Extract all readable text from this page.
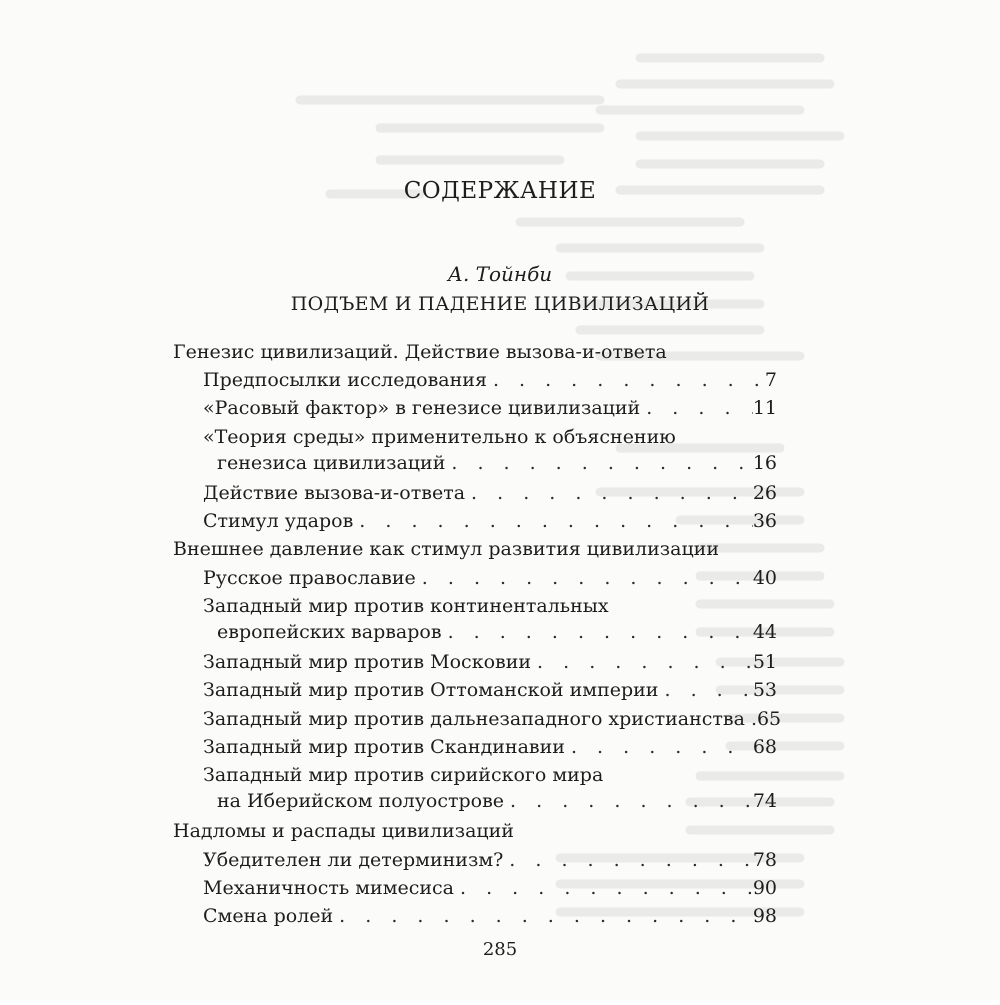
СОДЕРЖАНИЕ
А. Тойнби
ПОДЪЕМ И ПАДЕНИЕ ЦИВИЛИЗАЦИЙ
Генезис цивилизаций. Действие вызова-и-ответа
Предпосылки исследования . . .	7
«Расовый фактор» в генезисе цивилизаций . . .	11
«Теория среды» применительно к объяснению
генезиса цивилизаций . . .	16
Действие вызова-и-ответа . . .	26
Стимул ударов . . .	36
Внешнее давление как стимул развития цивилизации
Русское православие . . .	40
Западный мир против континентальных
европейских варваров . . .	44
Западный мир против Московии . . .	51
Западный мир против Оттоманской империи . . .	53
Западный мир против дальнезападного христианства . . . 65
Западный мир против Скандинавии . . .	68
Западный мир против сирийского мира
на Иберийском полуострове . . .	74
Надломы и распады цивилизаций
Убедителен ли детерминизм? . . .	78
Механичность мимесиса . . .	90
Смена ролей . . .	98
285
